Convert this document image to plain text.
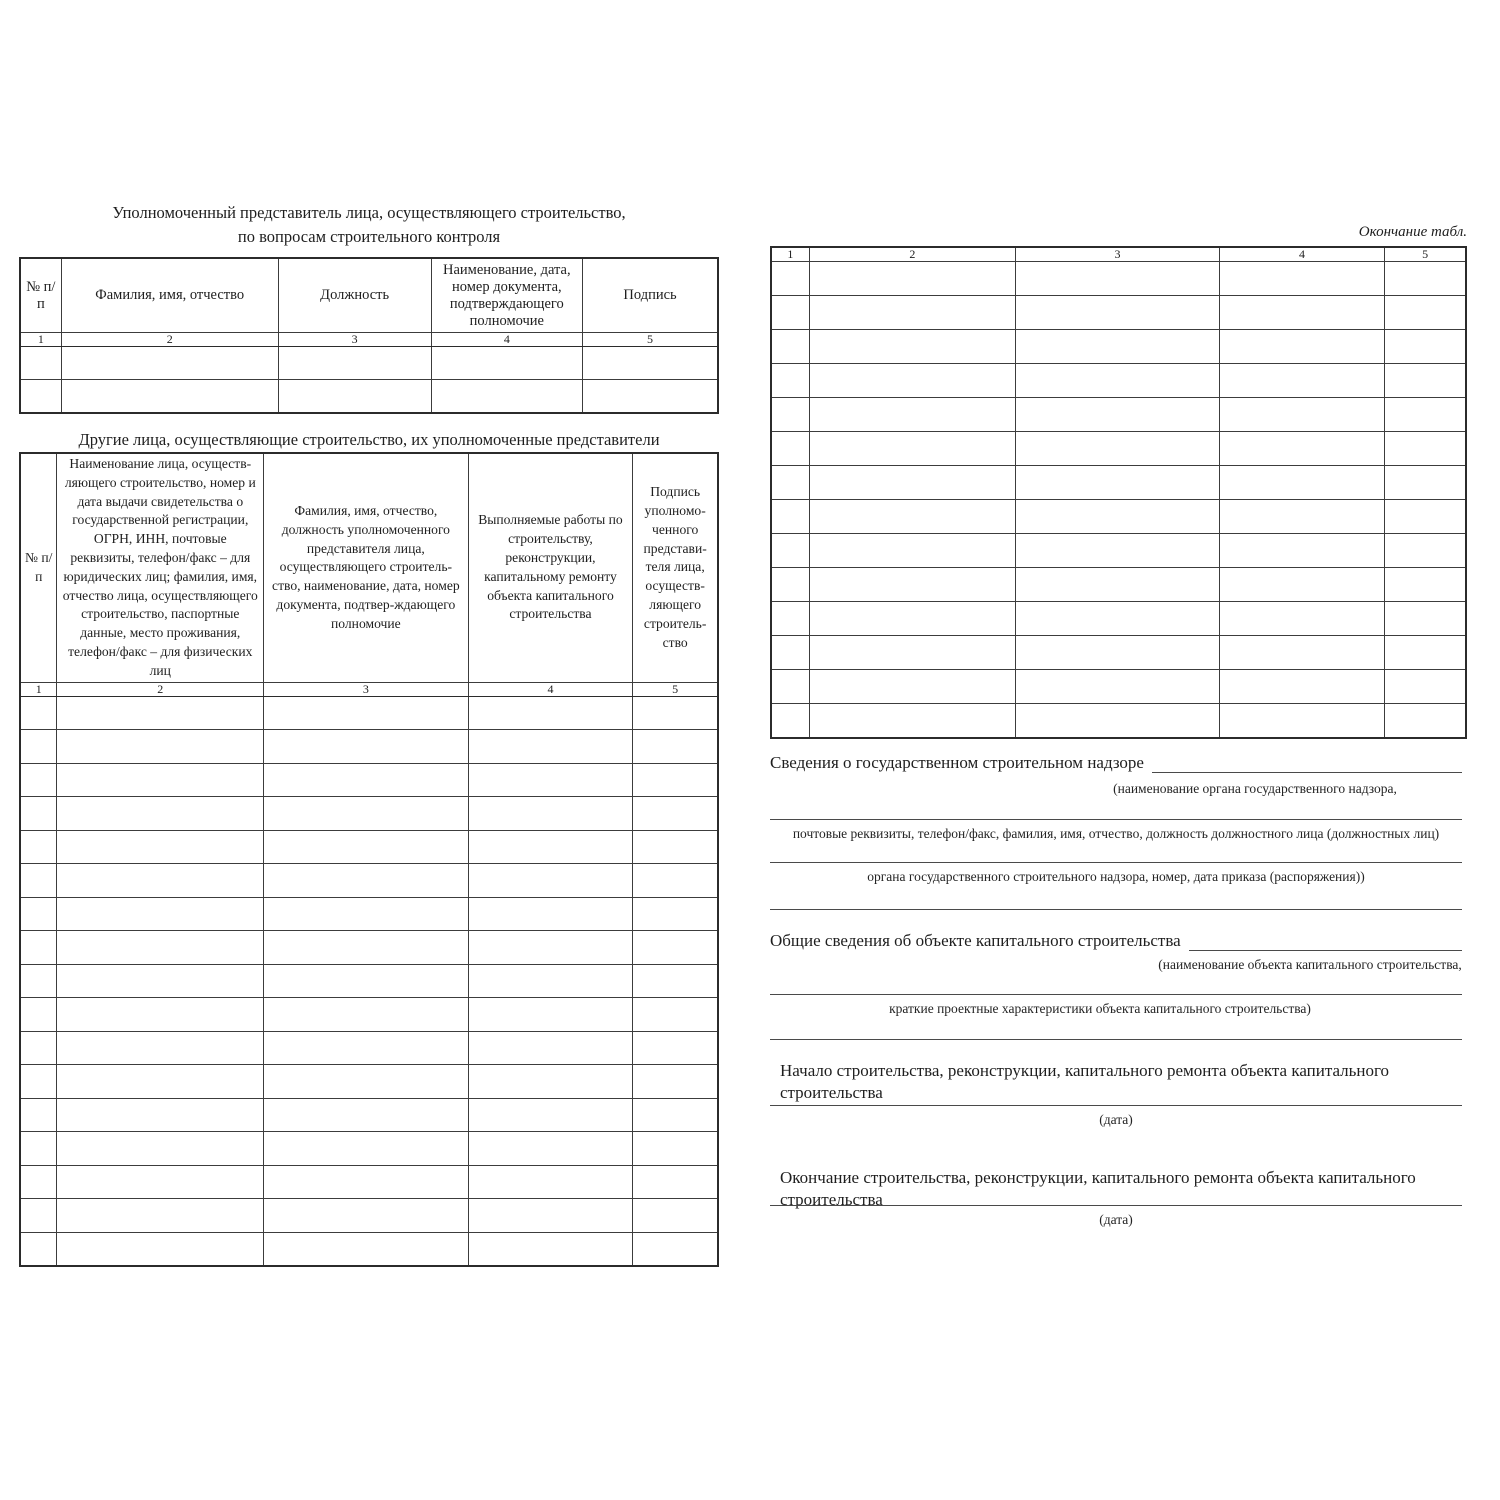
Уполномоченный представитель лица, осуществляющего строительство,
по вопросам строительного контроля
№ п/п	Фамилия, имя, отчество	Должность	Наименование, дата, номер документа, подтверждающего полномочие	Подпись
1	2	3	4	5

Другие лица, осуществляющие строительство, их уполномоченные представители
№ п/п	Наименование лица, осуществ-ляющего строительство, номер и дата выдачи свидетельства о государственной регистрации, ОГРН, ИНН, почтовые реквизиты, телефон/факс – для юридических лиц; фамилия, имя, отчество лица, осуществляющего строительство, паспортные данные, место проживания, телефон/факс – для физических лиц	Фамилия, имя, отчество, должность уполномоченного представителя лица, осуществляющего строитель-ство, наименование, дата, номер документа, подтвер-ждающего полномочие	Выполняемые работы по строительству, реконструкции, капитальному ремонту объекта капитального строительства	Подпись уполномо-ченного представи-теля лица, осуществ-ляющего строитель-ство
1	2	3	4	5

Окончание табл.
1	2	3	4	5

Сведения о государственном строительном надзоре
(наименование органа государственного надзора,
почтовые реквизиты, телефон/факс, фамилия, имя, отчество, должность должностного лица (должностных лиц)
органа государственного строительного надзора, номер, дата приказа (распоряжения))
Общие сведения об объекте капитального строительства
(наименование объекта капитального строительства,
краткие проектные характеристики объекта капитального строительства)
Начало строительства, реконструкции, капитального ремонта объекта капитального строительства
(дата)
Окончание строительства, реконструкции, капитального ремонта объекта капитального строительства
(дата)
